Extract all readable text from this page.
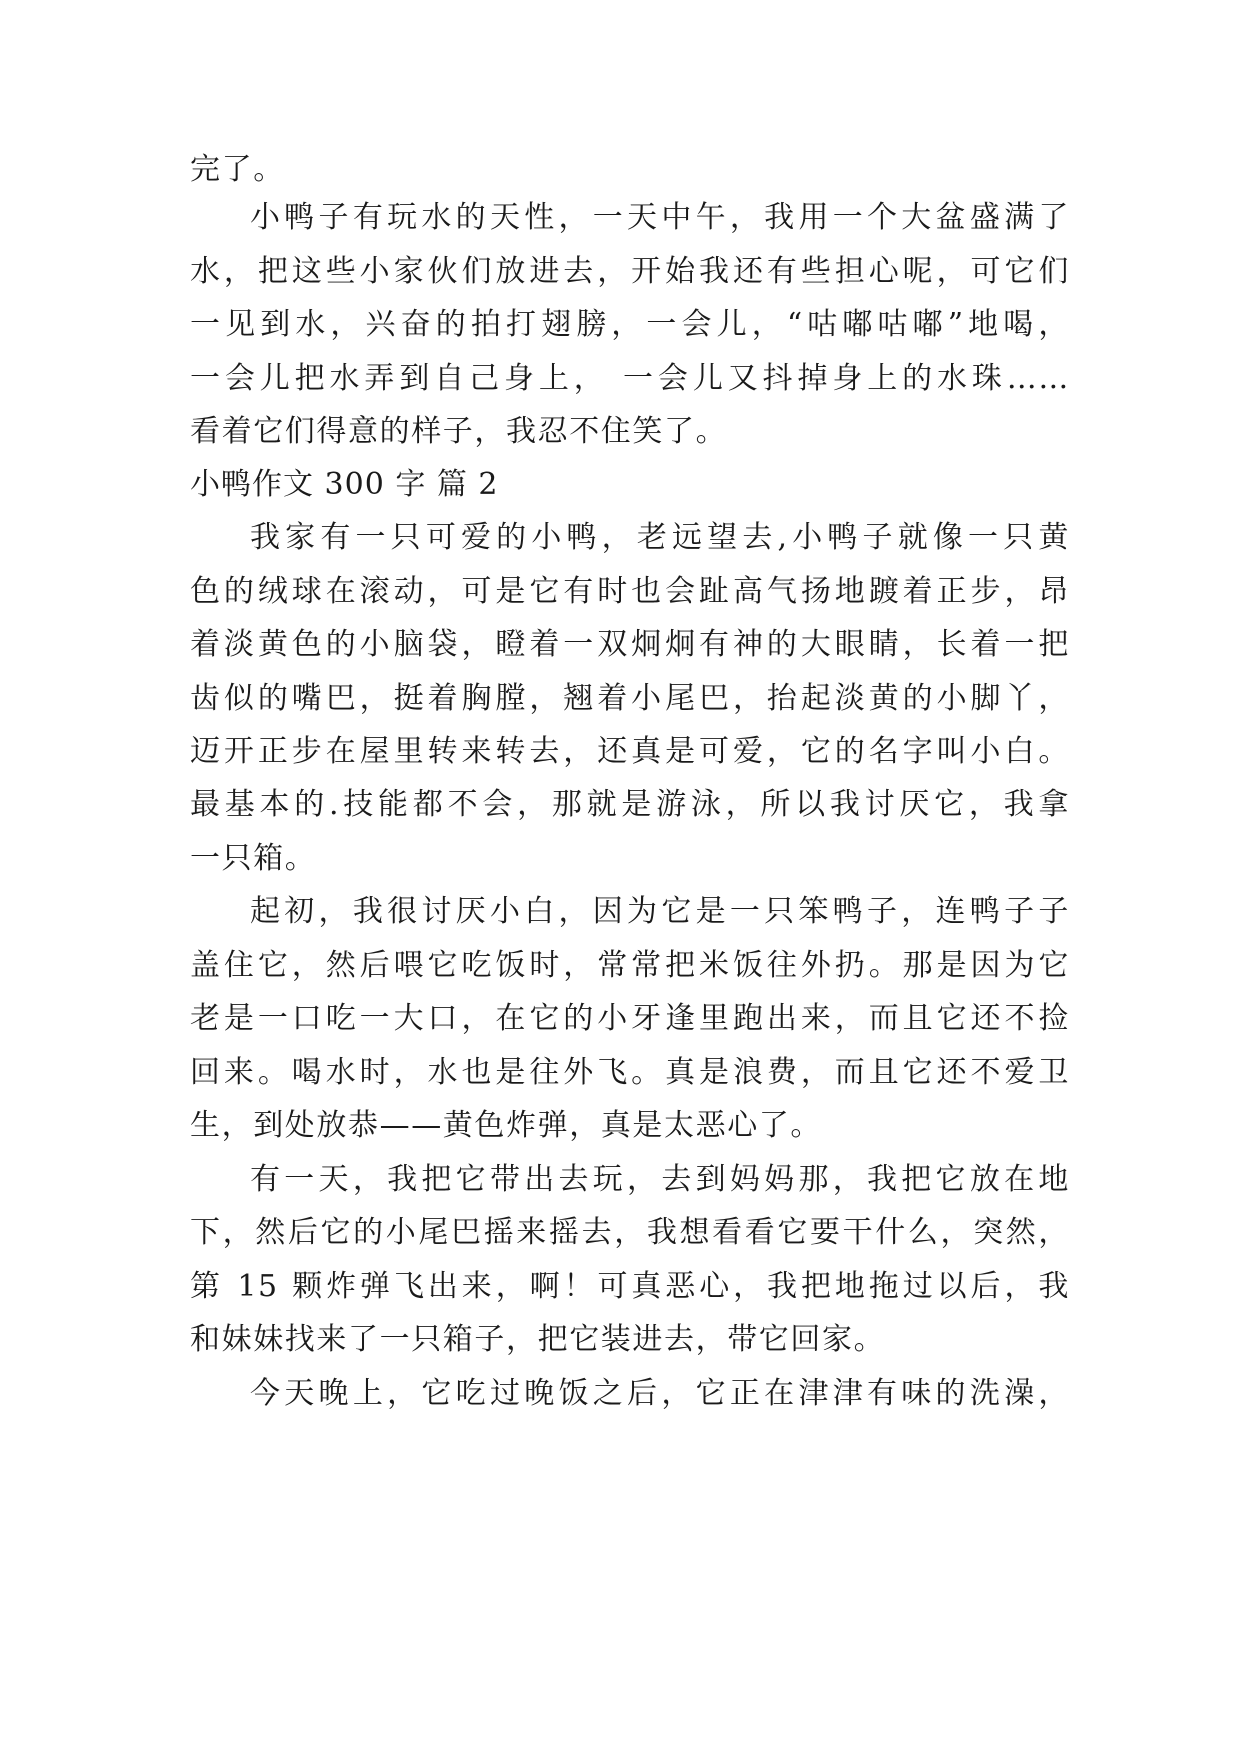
完了。
小鸭子有玩水的天性，一天中午，我用一个大盆盛满了
水，把这些小家伙们放进去，开始我还有些担心呢，可它们
一见到水，兴奋的拍打翅膀，一会儿，“咕嘟咕嘟”地喝，
一会儿把水弄到自己身上， 一会儿又抖掉身上的水珠……
看着它们得意的样子，我忍不住笑了。
小鸭作文 300 字 篇 2
我家有一只可爱的小鸭，老远望去,小鸭子就像一只黄
色的绒球在滚动，可是它有时也会趾高气扬地踱着正步，昂
着淡黄色的小脑袋，瞪着一双炯炯有神的大眼睛，长着一把
齿似的嘴巴，挺着胸膛，翘着小尾巴，抬起淡黄的小脚丫，
迈开正步在屋里转来转去，还真是可爱，它的名字叫小白。
最基本的.技能都不会，那就是游泳，所以我讨厌它，我拿
一只箱。
起初，我很讨厌小白，因为它是一只笨鸭子，连鸭子子
盖住它，然后喂它吃饭时，常常把米饭往外扔。那是因为它
老是一口吃一大口，在它的小牙逢里跑出来，而且它还不捡
回来。喝水时，水也是往外飞。真是浪费，而且它还不爱卫
生，到处放恭——黄色炸弹，真是太恶心了。
有一天，我把它带出去玩，去到妈妈那，我把它放在地
下，然后它的小尾巴摇来摇去，我想看看它要干什么，突然，
第 15 颗炸弹飞出来，啊！可真恶心，我把地拖过以后，我
和妹妹找来了一只箱子，把它装进去，带它回家。
今天晚上，它吃过晚饭之后，它正在津津有味的洗澡，
